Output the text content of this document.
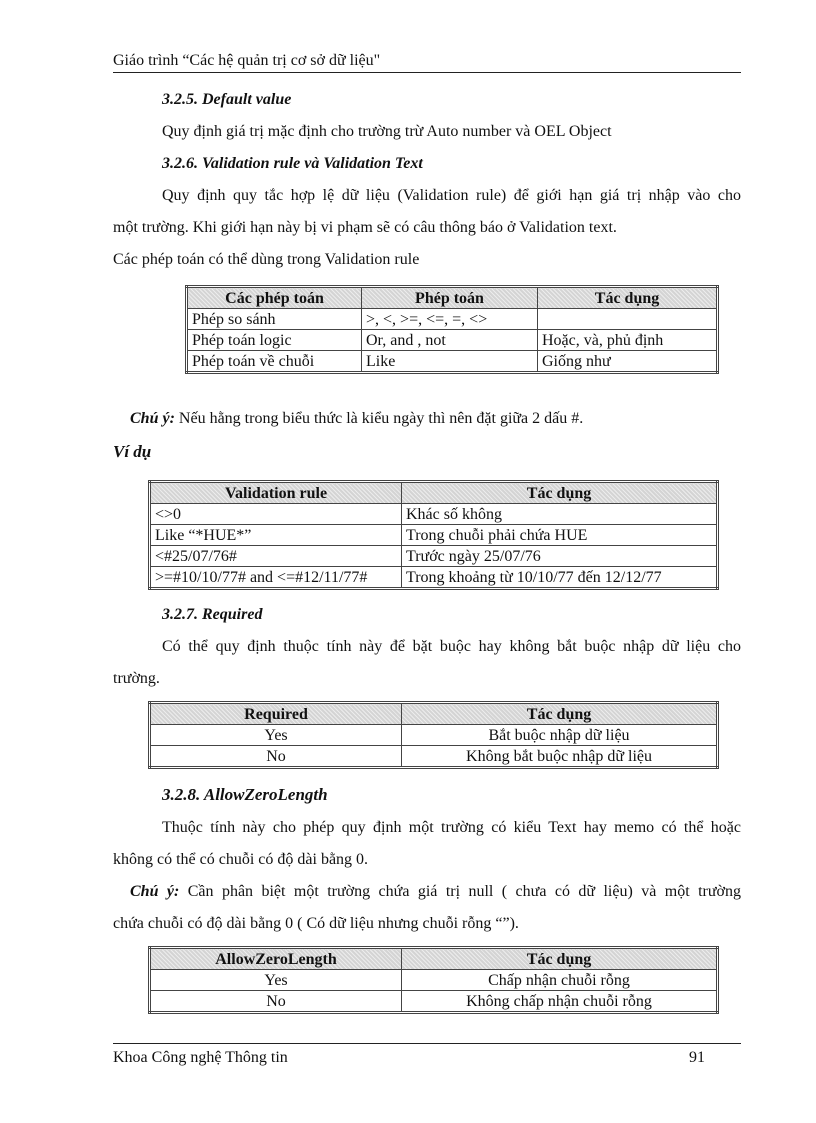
Giáo trình “Các hệ quản trị cơ sở dữ liệu"
3.2.5. Default value
Quy định giá trị mặc định cho trường trừ Auto number và OEL Object
3.2.6. Validation rule và Validation Text
Quy định quy tắc hợp lệ dữ liệu (Validation rule) để giới hạn giá trị nhập vào cho
một trường. Khi giới hạn này bị vi phạm sẽ có câu thông báo ở Validation text.
Các phép toán có thể dùng trong Validation rule
Các phép toán	Phép toán	Tác dụng
Phép so sánh	>, <, >=, <=, =, <>	
Phép toán logic	Or, and , not	Hoặc, và, phủ định
Phép toán về chuỗi	Like	Giống như
Chú ý: Nếu hằng trong biểu thức là kiểu ngày thì nên đặt giữa 2 dấu #.
Ví dụ
Validation rule	Tác dụng
<>0	Khác số không
Like “*HUE*”	Trong chuỗi phải chứa HUE
<#25/07/76#	Trước ngày 25/07/76
>=#10/10/77# and <=#12/11/77#	Trong khoảng từ 10/10/77 đến 12/12/77
3.2.7. Required
Có thể quy định thuộc tính này để bặt buộc hay không bắt buộc nhập dữ liệu cho
trường.
Required	Tác dụng
Yes	Bắt buộc nhập dữ liệu
No	Không bắt buộc nhập dữ liệu
3.2.8. AllowZeroLength
Thuộc tính này cho phép quy định một trường có kiểu Text hay memo có thể hoặc
không có thể có chuỗi có độ dài bằng 0.
Chú ý: Cần phân biệt một trường chứa giá trị null ( chưa có dữ liệu) và một trường
chứa chuỗi có độ dài bằng 0 ( Có dữ liệu nhưng chuỗi rỗng “”).
AllowZeroLength	Tác dụng
Yes	Chấp nhận chuỗi rỗng
No	Không chấp nhận chuỗi rỗng
Khoa Công nghệ Thông tin	91
